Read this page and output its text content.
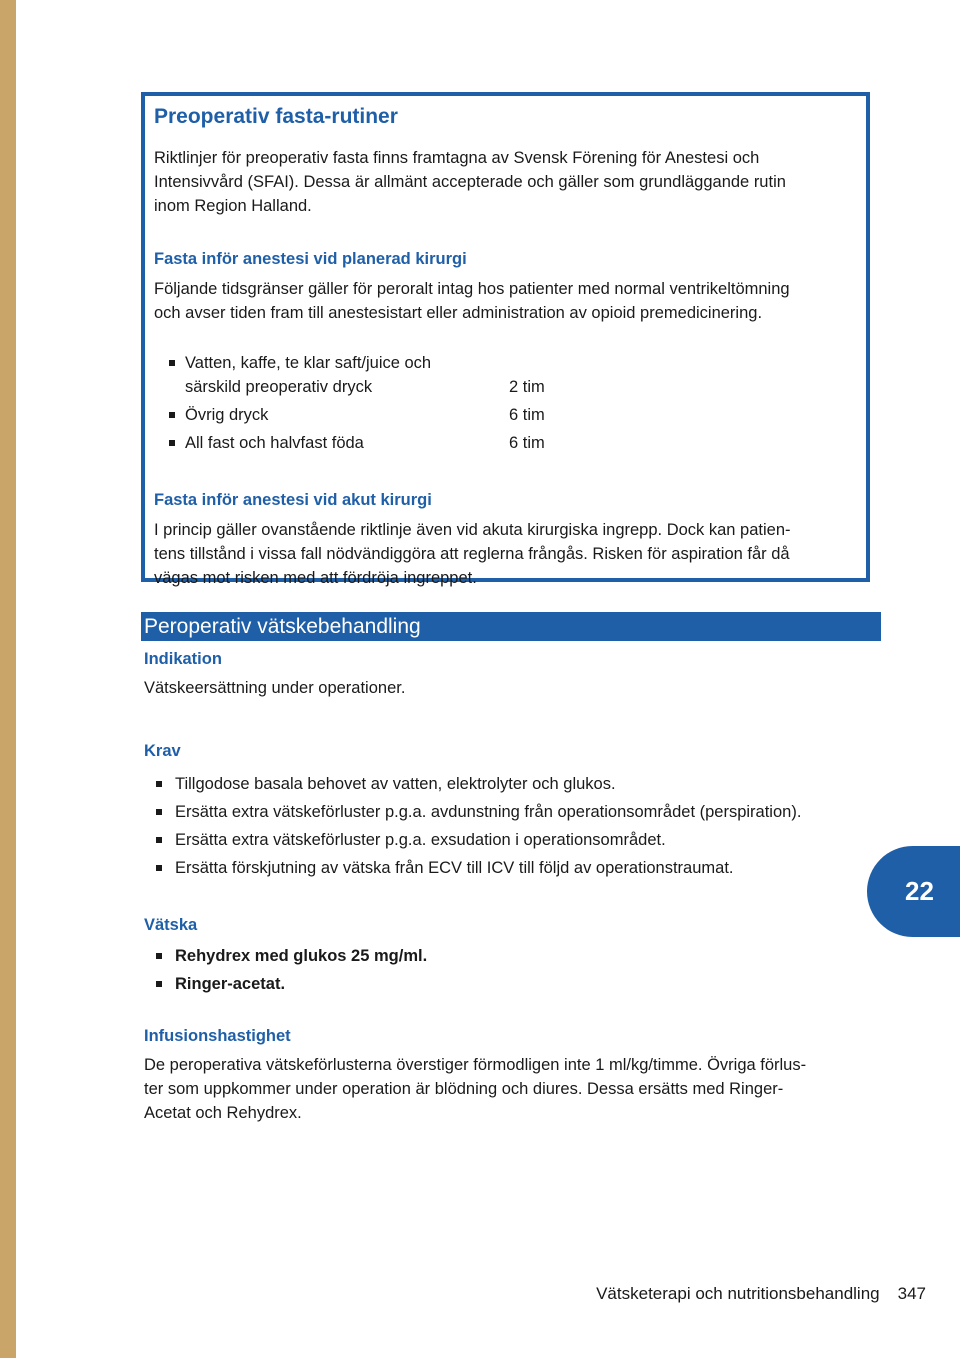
Preoperativ fasta-rutiner

Riktlinjer för preoperativ fasta finns framtagna av Svensk Förening för Anestesi och

Intensivvård (SFAI). Dessa är allmänt accepterade och gäller som grundläggande rutin

inom Region Halland.

Fasta inför anestesi vid planerad kirurgi

Följande tidsgränser gäller för peroralt intag hos patienter med normal ventrikeltömning

och avser tiden fram till anestesistart eller administration av opioid premedicinering.

Vatten, kaffe, te klar saft/juice och
särskild preoperativ dryck	2 tim
Övrig dryck	6 tim
All fast och halvfast föda	6 tim
Fasta inför anestesi vid akut kirurgi

I princip gäller ovanstående riktlinje även vid akuta kirurgiska ingrepp. Dock kan patien-

tens tillstånd i vissa fall nödvändiggöra att reglerna frångås. Risken för aspiration får då

vägas mot risken med att fördröja ingreppet.

Peroperativ vätskebehandling
Indikation

Vätskeersättning under operationer.

Krav
Tillgodose basala behovet av vatten, elektrolyter och glukos.
Ersätta extra vätskeförluster p.g.a. avdunstning från operationsområdet (perspiration).
Ersätta extra vätskeförluster p.g.a. exsudation i operationsområdet.
Ersätta förskjutning av vätska från ECV till ICV till följd av operationstraumat.
Vätska
Rehydrex med glukos 25 mg/ml.
Ringer-acetat.
Infusionshastighet

De peroperativa vätskeförlusterna överstiger förmodligen inte 1 ml/kg/timme. Övriga förlus-

ter som uppkommer under operation är blödning och diures. Dessa ersätts med Ringer-

Acetat och Rehydrex.

22
Vätsketerapi och nutritionsbehandling 347
